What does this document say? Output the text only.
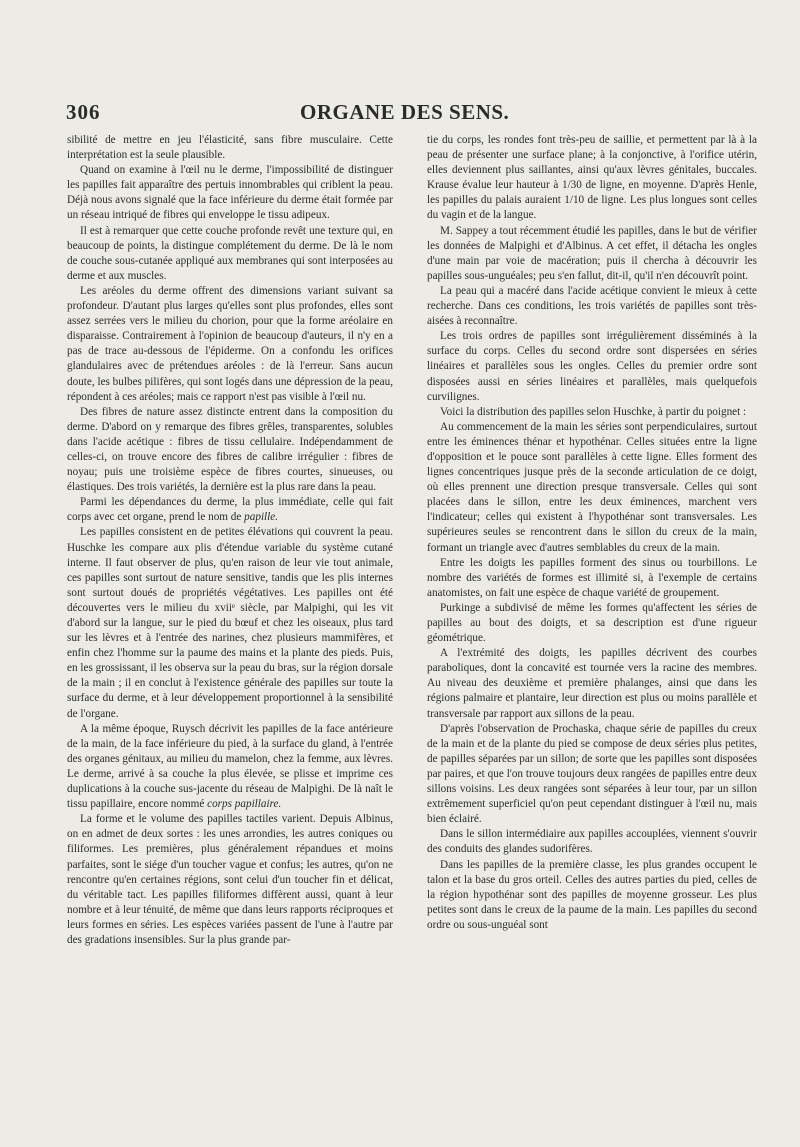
306	ORGANE DES SENS.

sibilité de mettre en jeu l'élasticité, sans fibre musculaire. Cette interprétation est la seule plausible.

Quand on examine à l'œil nu le derme, l'impossibilité de distinguer les papilles fait apparaître des pertuis innombrables qui criblent la peau. Déjà nous avons signalé que la face inférieure du derme était formée par un réseau intriqué de fibres qui enveloppe le tissu adipeux.

Il est à remarquer que cette couche profonde revêt une texture qui, en beaucoup de points, la distingue complétement du derme. De là le nom de couche sous-cutanée appliqué aux membranes qui sont interposées au derme et aux muscles.

Les aréoles du derme offrent des dimensions variant suivant sa profondeur. D'autant plus larges qu'elles sont plus profondes, elles sont assez serrées vers le milieu du chorion, pour que la forme aréolaire en disparaisse. Contrairement à l'opinion de beaucoup d'auteurs, il n'y en a pas de trace au-dessous de l'épiderme. On a confondu les orifices glandulaires avec de prétendues aréoles : de là l'erreur. Sans aucun doute, les bulbes pilifères, qui sont logés dans une dépression de la peau, répondent à ces aréoles; mais ce rapport n'est pas visible à l'œil nu.

Des fibres de nature assez distincte entrent dans la composition du derme. D'abord on y remarque des fibres grêles, transparentes, solubles dans l'acide acétique : fibres de tissu cellulaire. Indépendamment de celles-ci, on trouve encore des fibres de calibre irrégulier : fibres de noyau; puis une troisième espèce de fibres courtes, sinueuses, ou élastiques. Des trois variétés, la dernière est la plus rare dans la peau.

Parmi les dépendances du derme, la plus immédiate, celle qui fait corps avec cet organe, prend le nom de papille.

Les papilles consistent en de petites élévations qui couvrent la peau. Huschke les compare aux plis d'étendue variable du système cutané interne. Il faut observer de plus, qu'en raison de leur vie tout animale, ces papilles sont surtout de nature sensitive, tandis que les plis internes sont surtout doués de propriétés végétatives. Les papilles ont été découvertes vers le milieu du xviiᵉ siècle, par Malpighi, qui les vit d'abord sur la langue, sur le pied du bœuf et chez les oiseaux, plus tard sur les lèvres et à l'entrée des narines, chez plusieurs mammifères, et enfin chez l'homme sur la paume des mains et la plante des pieds. Puis, en les grossissant, il les observa sur la peau du bras, sur la région dorsale de la main ; il en conclut à l'existence générale des papilles sur toute la surface du derme, et à leur développement proportionnel à la sensibilité de l'organe.

A la même époque, Ruysch décrivit les papilles de la face antérieure de la main, de la face inférieure du pied, à la surface du gland, à l'entrée des organes génitaux, au milieu du mamelon, chez la femme, aux lèvres. Le derme, arrivé à sa couche la plus élevée, se plisse et imprime ces duplications à la couche sus-jacente du réseau de Malpighi. De là naît le tissu papillaire, encore nommé corps papillaire.

La forme et le volume des papilles tactiles varient. Depuis Albinus, on en admet de deux sortes : les unes arrondies, les autres coniques ou filiformes. Les premières, plus généralement répandues et moins parfaites, sont le siége d'un toucher vague et confus; les autres, qu'on ne rencontre qu'en certaines régions, sont celui d'un toucher fin et délicat, du véritable tact. Les papilles filiformes diffèrent aussi, quant à leur nombre et à leur ténuité, de même que dans leurs rapports réciproques et leurs formes en séries. Les espèces variées passent de l'une à l'autre par des gradations insensibles. Sur la plus grande par-

tie du corps, les rondes font très-peu de saillie, et permettent par là à la peau de présenter une surface plane; à la conjonctive, à l'orifice utérin, elles deviennent plus saillantes, ainsi qu'aux lèvres génitales, buccales. Krause évalue leur hauteur à 1/30 de ligne, en moyenne. D'après Henle, les papilles du palais auraient 1/10 de ligne. Les plus longues sont celles du vagin et de la langue.

M. Sappey a tout récemment étudié les papilles, dans le but de vérifier les données de Malpighi et d'Albinus. A cet effet, il détacha les ongles d'une main par voie de macération; puis il chercha à découvrir les papilles sous-unguéales; peu s'en fallut, dit-il, qu'il n'en découvrît point.

La peau qui a macéré dans l'acide acétique convient le mieux à cette recherche. Dans ces conditions, les trois variétés de papilles sont très-aisées à reconnaître.

Les trois ordres de papilles sont irrégulièrement disséminés à la surface du corps. Celles du second ordre sont dispersées en séries linéaires et parallèles sous les ongles. Celles du premier ordre sont disposées aussi en séries linéaires et parallèles, mais quelquefois curvilignes.

Voici la distribution des papilles selon Huschke, à partir du poignet :

Au commencement de la main les séries sont perpendiculaires, surtout entre les éminences thénar et hypothénar. Celles situées entre la ligne d'opposition et le pouce sont parallèles à cette ligne. Elles forment des lignes concentriques jusque près de la seconde articulation de ce doigt, où elles prennent une direction presque transversale. Celles qui sont placées dans le sillon, entre les deux éminences, marchent vers l'indicateur; celles qui existent à l'hypothénar sont transversales. Les supérieures seules se rencontrent dans le sillon du creux de la main, formant un triangle avec d'autres semblables du creux de la main.

Entre les doigts les papilles forment des sinus ou tourbillons. Le nombre des variétés de formes est illimité si, à l'exemple de certains anatomistes, on fait une espèce de chaque variété de groupement.

Purkinge a subdivisé de même les formes qu'affectent les séries de papilles au bout des doigts, et sa description est d'une rigueur géométrique.

A l'extrémité des doigts, les papilles décrivent des courbes paraboliques, dont la concavité est tournée vers la racine des membres. Au niveau des deuxième et première phalanges, ainsi que dans les régions palmaire et plantaire, leur direction est plus ou moins parallèle et transversale par rapport aux sillons de la peau.

D'après l'observation de Prochaska, chaque série de papilles du creux de la main et de la plante du pied se compose de deux séries plus petites, de papilles séparées par un sillon; de sorte que les papilles sont disposées par paires, et que l'on trouve toujours deux rangées de papilles entre deux sillons voisins. Les deux rangées sont séparées à leur tour, par un sillon extrêmement superficiel qu'on peut cependant distinguer à l'œil nu, mais bien éclairé.

Dans le sillon intermédiaire aux papilles accouplées, viennent s'ouvrir des conduits des glandes sudorifères.

Dans les papilles de la première classe, les plus grandes occupent le talon et la base du gros orteil. Celles des autres parties du pied, celles de la région hypothénar sont des papilles de moyenne grosseur. Les plus petites sont dans le creux de la paume de la main. Les papilles du second ordre ou sous-unguéal sont
